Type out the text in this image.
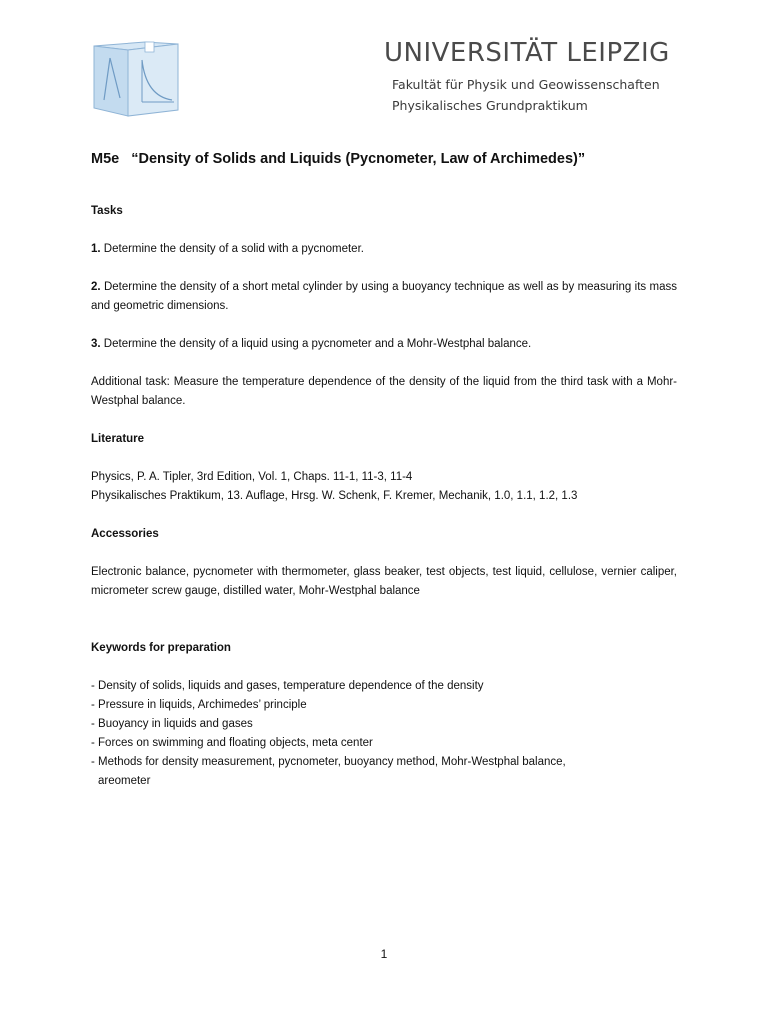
UNIVERSITÄT LEIPZIG
Fakultät für Physik und Geowissenschaften
Physikalisches Grundpraktikum

M5e “Density of Solids and Liquids (Pycnometer, Law of Archimedes)”

Tasks

1. Determine the density of a solid with a pycnometer.

2. Determine the density of a short metal cylinder by using a buoyancy technique as well as by measuring its mass and geometric dimensions.

3. Determine the density of a liquid using a pycnometer and a Mohr-Westphal balance.

Additional task: Measure the temperature dependence of the density of the liquid from the third task with a Mohr-Westphal balance.

Literature

Physics, P. A. Tipler, 3rd Edition, Vol. 1, Chaps. 11-1, 11-3, 11-4

Physikalisches Praktikum, 13. Auflage, Hrsg. W. Schenk, F. Kremer, Mechanik, 1.0, 1.1, 1.2, 1.3

Accessories

Electronic balance, pycnometer with thermometer, glass beaker, test objects, test liquid, cellulose, vernier caliper, micrometer screw gauge, distilled water, Mohr-Westphal balance

Keywords for preparation

- Density of solids, liquids and gases, temperature dependence of the density

- Pressure in liquids, Archimedes’ principle

- Buoyancy in liquids and gases

- Forces on swimming and floating objects, meta center

- Methods for density measurement, pycnometer, buoyancy method, Mohr-Westphal balance,

areometer

1
